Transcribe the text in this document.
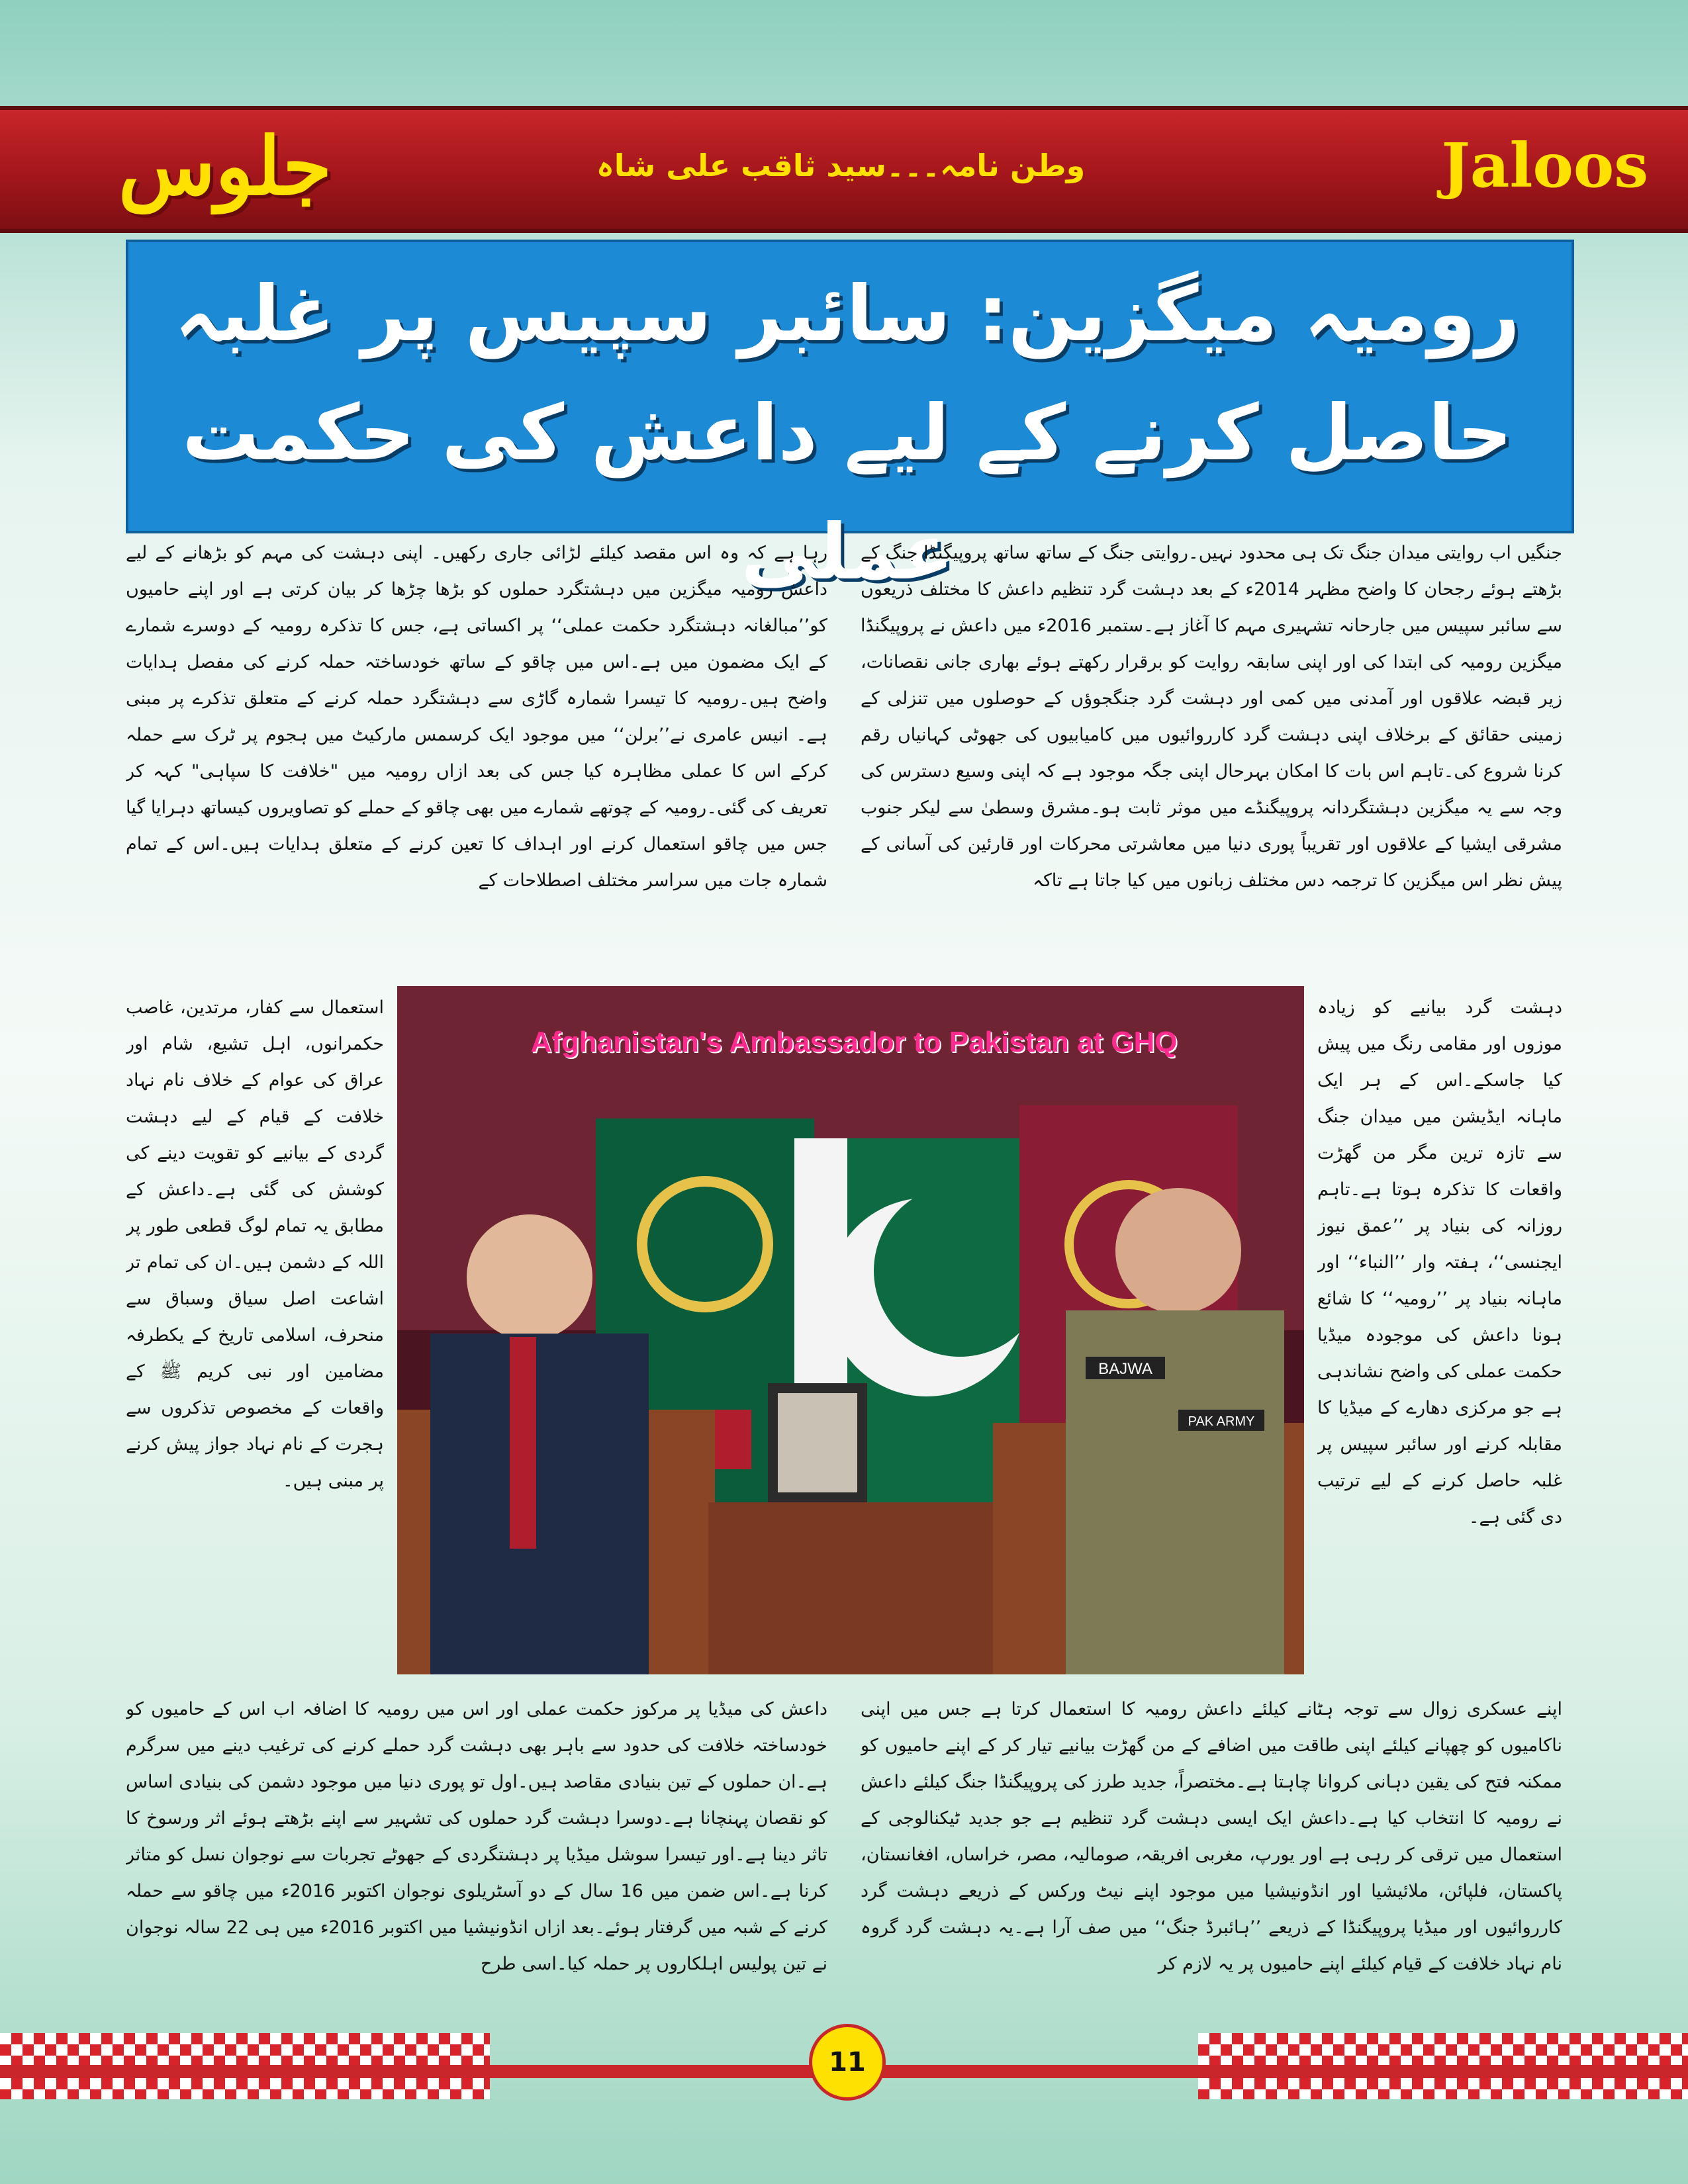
جلوس	وطن نامہ۔۔۔سید ثاقب علی شاہ	Jaloos
رومیہ میگزین: سائبر سپیس پر غلبہ حاصل کرنے کے لیے داعش کی حکمت عملی

جنگیں اب روایتی میدان جنگ تک ہی محدود نہیں۔روایتی جنگ کے ساتھ ساتھ پروپیگنڈا جنگ کے بڑھتے ہوئے رجحان کا واضح مظہر 2014ء کے بعد دہشت گرد تنظیم داعش کا مختلف ذریعوں سے سائبر سپیس میں جارحانہ تشہیری مہم کا آغاز ہے۔ستمبر 2016ء میں داعش نے پروپیگنڈا میگزین رومیہ کی ابتدا کی اور اپنی سابقہ روایت کو برقرار رکھتے ہوئے بھاری جانی نقصانات، زیر قبضہ علاقوں اور آمدنی میں کمی اور دہشت گرد جنگجوؤں کے حوصلوں میں تنزلی کے زمینی حقائق کے برخلاف اپنی دہشت گرد کارروائیوں میں کامیابیوں کی جھوٹی کہانیاں رقم کرنا شروع کی۔تاہم اس بات کا امکان بہرحال اپنی جگہ موجود ہے کہ اپنی وسیع دسترس کی وجہ سے یہ میگزین دہشتگردانہ پروپیگنڈے میں موثر ثابت ہو۔مشرق وسطیٰ سے لیکر جنوب مشرقی ایشیا کے علاقوں اور تقریباً پوری دنیا میں معاشرتی محرکات اور قارئین کی آسانی کے پیش نظر اس میگزین کا ترجمہ دس مختلف زبانوں میں کیا جاتا ہے تاکہ

رہا ہے کہ وہ اس مقصد کیلئے لڑائی جاری رکھیں۔ اپنی دہشت کی مہم کو بڑھانے کے لیے داعش رومیہ میگزین میں دہشتگرد حملوں کو بڑھا چڑھا کر بیان کرتی ہے اور اپنے حامیوں کو’’مبالغانہ دہشتگرد حکمت عملی‘‘ پر اکساتی ہے، جس کا تذکرہ رومیہ کے دوسرے شمارے کے ایک مضمون میں ہے۔اس میں چاقو کے ساتھ خودساختہ حملہ کرنے کی مفصل ہدایات واضح ہیں۔رومیہ کا تیسرا شمارہ گاڑی سے دہشتگرد حملہ کرنے کے متعلق تذکرے پر مبنی ہے۔ انیس عامری نے’’برلن‘‘ میں موجود ایک کرسمس مارکیٹ میں ہجوم پر ٹرک سے حملہ کرکے اس کا عملی مظاہرہ کیا جس کی بعد ازاں رومیہ میں "خلافت کا سپاہی" کہہ کر تعریف کی گئی۔رومیہ کے چوتھے شمارے میں بھی چاقو کے حملے کو تصاویروں کیساتھ دہرایا گیا جس میں چاقو استعمال کرنے اور اہداف کا تعین کرنے کے متعلق ہدایات ہیں۔اس کے تمام شمارہ جات میں سراسر مختلف اصطلاحات کے

استعمال سے کفار، مرتدین، غاصب حکمرانوں، اہل تشیع، شام اور عراق کی عوام کے خلاف نام نہاد خلافت کے قیام کے لیے دہشت گردی کے بیانیے کو تقویت دینے کی کوشش کی گئی ہے۔داعش کے مطابق یہ تمام لوگ قطعی طور پر اللہ کے دشمن ہیں۔ان کی تمام تر اشاعت اصل سیاق وسباق سے منحرف، اسلامی تاریخ کے یکطرفہ مضامین اور نبی کریم ﷺ کے واقعات کے مخصوص تذکروں سے ہجرت کے نام نہاد جواز پیش کرنے پر مبنی ہیں۔

دہشت گرد بیانیے کو زیادہ موزوں اور مقامی رنگ میں پیش کیا جاسکے۔اس کے ہر ایک ماہانہ ایڈیشن میں میدان جنگ سے تازہ ترین مگر من گھڑت واقعات کا تذکرہ ہوتا ہے۔تاہم روزانہ کی بنیاد پر ’’عمق نیوز ایجنسی‘‘، ہفتہ وار ’’النباء‘‘ اور ماہانہ بنیاد پر ’’رومیہ‘‘ کا شائع ہونا داعش کی موجودہ میڈیا حکمت عملی کی واضح نشاندہی ہے جو مرکزی دھارے کے میڈیا کا مقابلہ کرنے اور سائبر سپیس پر غلبہ حاصل کرنے کے لیے ترتیب دی گئی ہے۔

اپنے عسکری زوال سے توجہ ہٹانے کیلئے داعش رومیہ کا استعمال کرتا ہے جس میں اپنی ناکامیوں کو چھپانے کیلئے اپنی طاقت میں اضافے کے من گھڑت بیانیے تیار کر کے اپنے حامیوں کو ممکنہ فتح کی یقین دہانی کروانا چاہتا ہے۔مختصراً، جدید طرز کی پروپیگنڈا جنگ کیلئے داعش نے رومیہ کا انتخاب کیا ہے۔داعش ایک ایسی دہشت گرد تنظیم ہے جو جدید ٹیکنالوجی کے استعمال میں ترقی کر رہی ہے اور یورپ، مغربی افریقہ، صومالیہ، مصر، خراساں، افغانستان، پاکستان، فلپائن، ملائیشیا اور انڈونیشیا میں موجود اپنے نیٹ ورکس کے ذریعے دہشت گرد کارروائیوں اور میڈیا پروپیگنڈا کے ذریعے ’’ہائبرڈ جنگ‘‘ میں صف آرا ہے۔یہ دہشت گرد گروہ نام نہاد خلافت کے قیام کیلئے اپنے حامیوں پر یہ لازم کر

داعش کی میڈیا پر مرکوز حکمت عملی اور اس میں رومیہ کا اضافہ اب اس کے حامیوں کو خودساختہ خلافت کی حدود سے باہر بھی دہشت گرد حملے کرنے کی ترغیب دینے میں سرگرم ہے۔ان حملوں کے تین بنیادی مقاصد ہیں۔اول تو پوری دنیا میں موجود دشمن کی بنیادی اساس کو نقصان پہنچانا ہے۔دوسرا دہشت گرد حملوں کی تشہیر سے اپنے بڑھتے ہوئے اثر ورسوخ کا تاثر دینا ہے۔اور تیسرا سوشل میڈیا پر دہشتگردی کے جھوٹے تجربات سے نوجوان نسل کو متاثر کرنا ہے۔اس ضمن میں 16 سال کے دو آسٹریلوی نوجوان اکتوبر 2016ء میں چاقو سے حملہ کرنے کے شبہ میں گرفتار ہوئے۔بعد ازاں انڈونیشیا میں اکتوبر 2016ء میں ہی 22 سالہ نوجوان نے تین پولیس اہلکاروں پر حملہ کیا۔اسی طرح

BAJWA
PAK ARMY
Afghanistan's Ambassador to Pakistan at GHQ
11
